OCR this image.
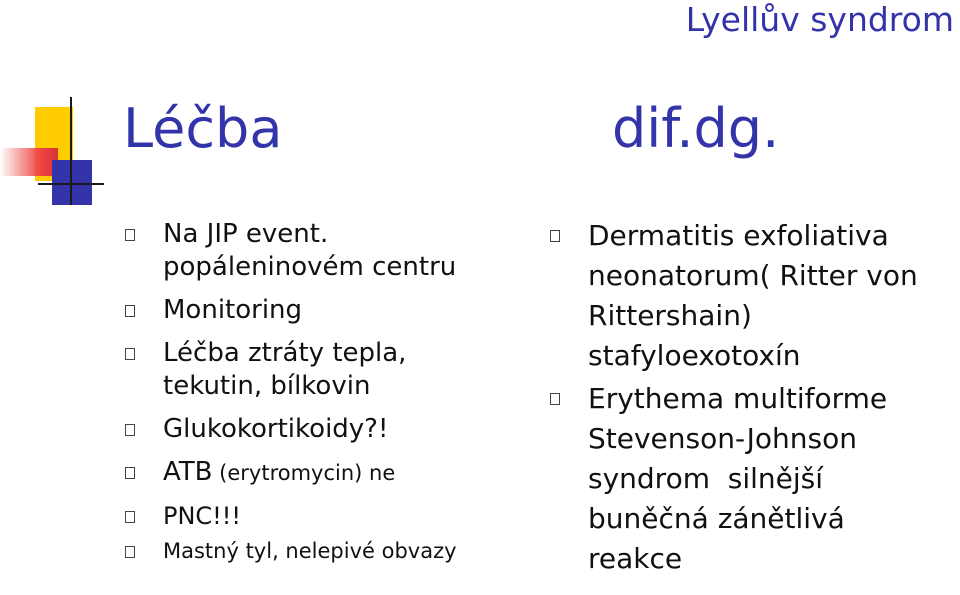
Lyellův syndrom
Léčba	dif.dg.
Na JIP event.
popáleninovém centru
Monitoring
Léčba ztráty tepla,
tekutin, bílkovin
Glukokortikoidy?!
ATB (erytromycin) ne
PNC!!!
Mastný tyl, nelepivé obvazy
Dermatitis exfoliativa
neonatorum( Ritter von
Rittershain)
stafyloexotoxín
Erythema multiforme
Stevenson-Johnson
syndrom  silnější
buněčná zánětlivá
reakce
